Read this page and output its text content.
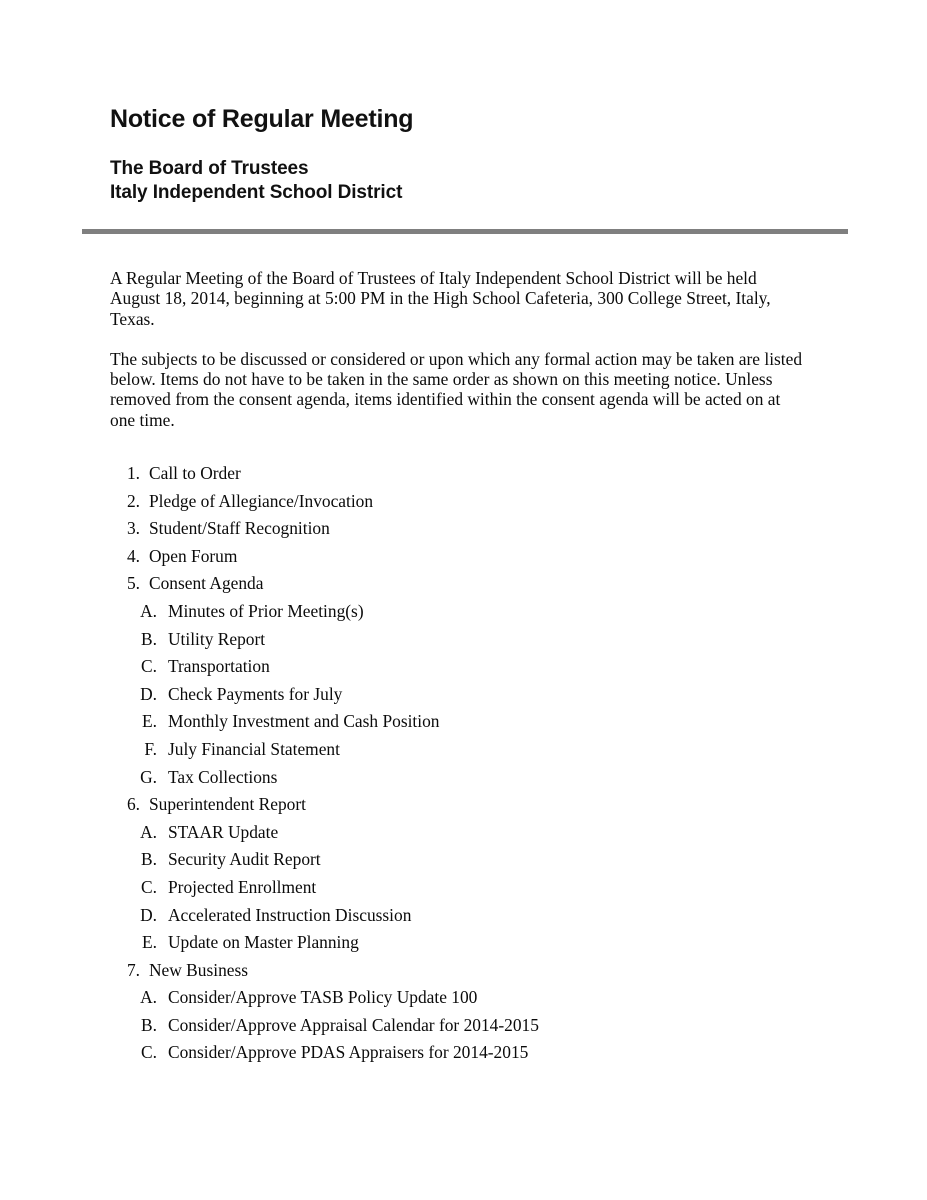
Notice of Regular Meeting
The Board of Trustees
Italy Independent School District

A Regular Meeting of the Board of Trustees of Italy Independent School District will be held August 18, 2014, beginning at 5:00 PM in the High School Cafeteria, 300 College Street, Italy, Texas.

The subjects to be discussed or considered or upon which any formal action may be taken are listed below. Items do not have to be taken in the same order as shown on this meeting notice. Unless removed from the consent agenda, items identified within the consent agenda will be acted on at one time.

1. Call to Order
2. Pledge of Allegiance/Invocation
3. Student/Staff Recognition
4. Open Forum
5. Consent Agenda
A. Minutes of Prior Meeting(s)
B. Utility Report
C. Transportation
D. Check Payments for July
E. Monthly Investment and Cash Position
F. July Financial Statement
G. Tax Collections
6. Superintendent Report
A. STAAR Update
B. Security Audit Report
C. Projected Enrollment
D. Accelerated Instruction Discussion
E. Update on Master Planning
7. New Business
A. Consider/Approve TASB Policy Update 100
B. Consider/Approve Appraisal Calendar for 2014-2015
C. Consider/Approve PDAS Appraisers for 2014-2015
